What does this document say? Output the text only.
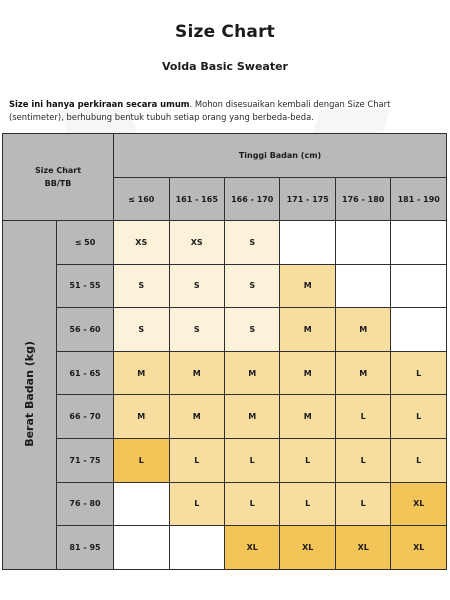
Size Chart
Volda Basic Sweater
Size ini hanya perkiraan secara umum. Mohon disesuaikan kembali dengan Size Chart (sentimeter), berhubung bentuk tubuh setiap orang yang berbeda-beda.
Size Chart
BB/TB		Tinggi Badan (cm)					
		≤ 160	161 - 165	166 - 170	171 - 175	176 - 180	181 - 190
Berat Badan (kg)	≤ 50	XS	XS	S			
	51 - 55	S	S	S	M		
	56 - 60	S	S	S	M	M	
	61 - 65	M	M	M	M	M	L
	66 - 70	M	M	M	M	L	L
	71 - 75	L	L	L	L	L	L
	76 - 80		L	L	L	L	XL
	81 - 95			XL	XL	XL	XL
